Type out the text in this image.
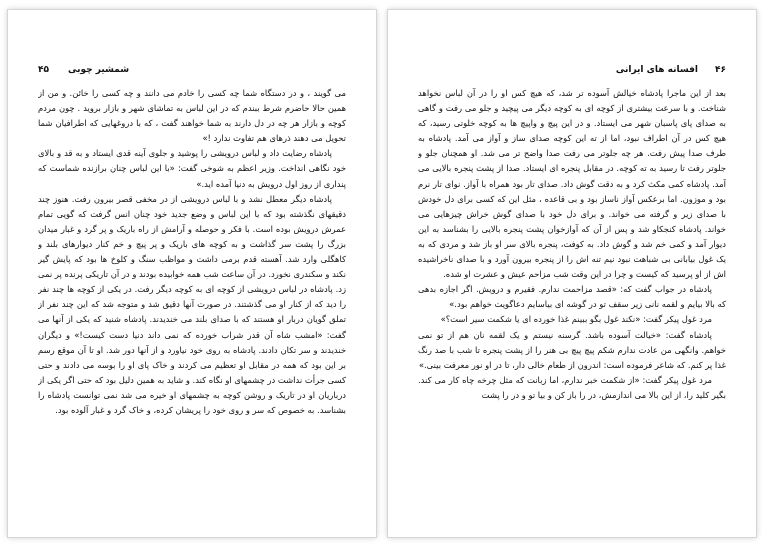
۴۵ شمشیر چوبی

می گویند ، و در دستگاه شما چه کسی را خادم می دانند و چه کسی را خائن. و من از همین حالا حاضرم شرط ببندم که در این لباس به تماشای شهر و بازار بروید . چون مردم کوچه و بازار هر چه در دل دارند به شما خواهند گفت ، که با دروغهایی که اطرافیان شما تحویل می دهند ذرهای هم تفاوت ندارد !»

پادشاه رضایت داد و لباس درویشی را پوشید و جلوی آینه قدی ایستاد و به قد و بالای خود نگاهی انداخت. وزیر اعظم به شوخی گفت: «با این لباس چنان برازنده شماست که پنداری از روز اول درویش به دنیا آمده اید.»

پادشاه دیگر معطل نشد و با لباس درویشی از در مخفی قصر بیرون رفت. هنوز چند دقیقهای نگذشته بود که با این لباس و وضع جدید خود چنان انس گرفت که گویی تمام عمرش درویش بوده است. با فکر و حوصله و آرامش از راه باریک و پر گرد و غبار میدان بزرگ را پشت سر گذاشت و به کوچه های باریک و پر پیچ و خم کنار دیوارهای بلند و کاهگلی وارد شد. آهسته قدم برمی داشت و مواظب سنگ و کلوخ ها بود که پایش گیر نکند و سکندری نخورد. در آن ساعت شب همه خوابیده بودند و در آن تاریکی پرنده پر نمی زد. پادشاه در لباس درویشی از کوچه ای به کوچه دیگر رفت. در یکی از کوچه ها چند نفر را دید که از کنار او می گذشتند. در صورت آنها دقیق شد و متوجه شد که این چند نفر از تملق گویان دربار او هستند که با صدای بلند می خندیدند. پادشاه شنید که یکی از آنها می گفت: «امشب شاه آن قدر شراب خورده که نمی داند دنیا دست کیست!» و دیگران خندیدند و سر تکان دادند. پادشاه به روی خود نیاورد و از آنها دور شد. او تا آن موقع رسم بر این بود که همه در مقابل او تعظیم می کردند و خاک پای او را بوسه می دادند و حتی کسی جرأت نداشت در چشمهای او نگاه کند. و شاید به همین دلیل بود که حتی اگر یکی از درباریان او در تاریک و روشن کوچه به چشمهای او خیره می شد نمی توانست پادشاه را بشناسد. به خصوص که سر و روی خود را پریشان کرده، و خاک گرد و غبار آلوده بود.

۴۶
افسانه های ایرانی

بعد از این ماجرا پادشاه خیالش آسوده تر شد، که هیچ کس او را در آن لباس نخواهد شناخت. و با سرعت بیشتری از کوچه ای به کوچه دیگر می پیچید و جلو می رفت و گاهی به صدای پای پاسبان شهر می ایستاد. و در این پیچ و واپیچ ها به کوچه خلوتی رسید، که هیچ کس در آن اطراف نبود، اما از ته این کوچه صدای ساز و آواز می آمد. پادشاه به طرف صدا پیش رفت. هر چه جلوتر می رفت صدا واضح تر می شد. او همچنان جلو و جلوتر رفت تا رسید به ته کوچه. در مقابل پنجره ای ایستاد. صدا از پشت پنجره بالایی می آمد. پادشاه کمی مکث کرد و به دقت گوش داد. صدای تار بود همراه با آواز. نوای تار نرم بود و موزون. اما برعکس آواز ناساز بود و بی قاعده ، مثل این که کسی برای دل خودش با صدای زیر و گرفته می خواند. و برای دل خود با صدای گوش خراش چیزهایی می خواند. پادشاه کنجکاو شد و پس از آن که آوازخوان پشت پنجره بالایی را بشناسد به این دیوار آمد و کمی خم شد و گوش داد. به کوفت، پنجره بالای سر او باز شد و مردی که به یک غول بیابانی بی شباهت نبود نیم تنه اش را از پنجره بیرون آورد و با صدای ناخراشیده اش از او پرسید که کیست و چرا در این وقت شب مزاحم عیش و عشرت او شده.

پادشاه در جواب گفت که: «قصد مزاحمت ندارم. فقیرم و درویش. اگر اجازه بدهی که بالا بیایم و لقمه نانی زیر سقف تو در گوشه ای بیاسایم دعاگویت خواهم بود.»

مرد غول پیکر گفت: «نکند غول بگو ببینم غذا خورده ای یا شکمت سیر است؟»

پادشاه گفت: «خیالت آسوده باشد. گرسنه نیستم و یک لقمه نان هم از تو نمی خواهم. وانگهی من عادت ندارم شکم پیچ پیچ بی هنر را از پشت پنجره تا شب با صد رنگ غذا پر کنم. که شاعر فرموده است: اندرون از طعام خالی دار، تا در او نور معرفت بینی.»

مرد غول پیکر گفت: «از شکمت خبر ندارم، اما زبانت که مثل چرخه چاه کار می کند. بگیر کلید را، از این بالا می اندازمش، در را باز کن و بیا تو و در را پشت
